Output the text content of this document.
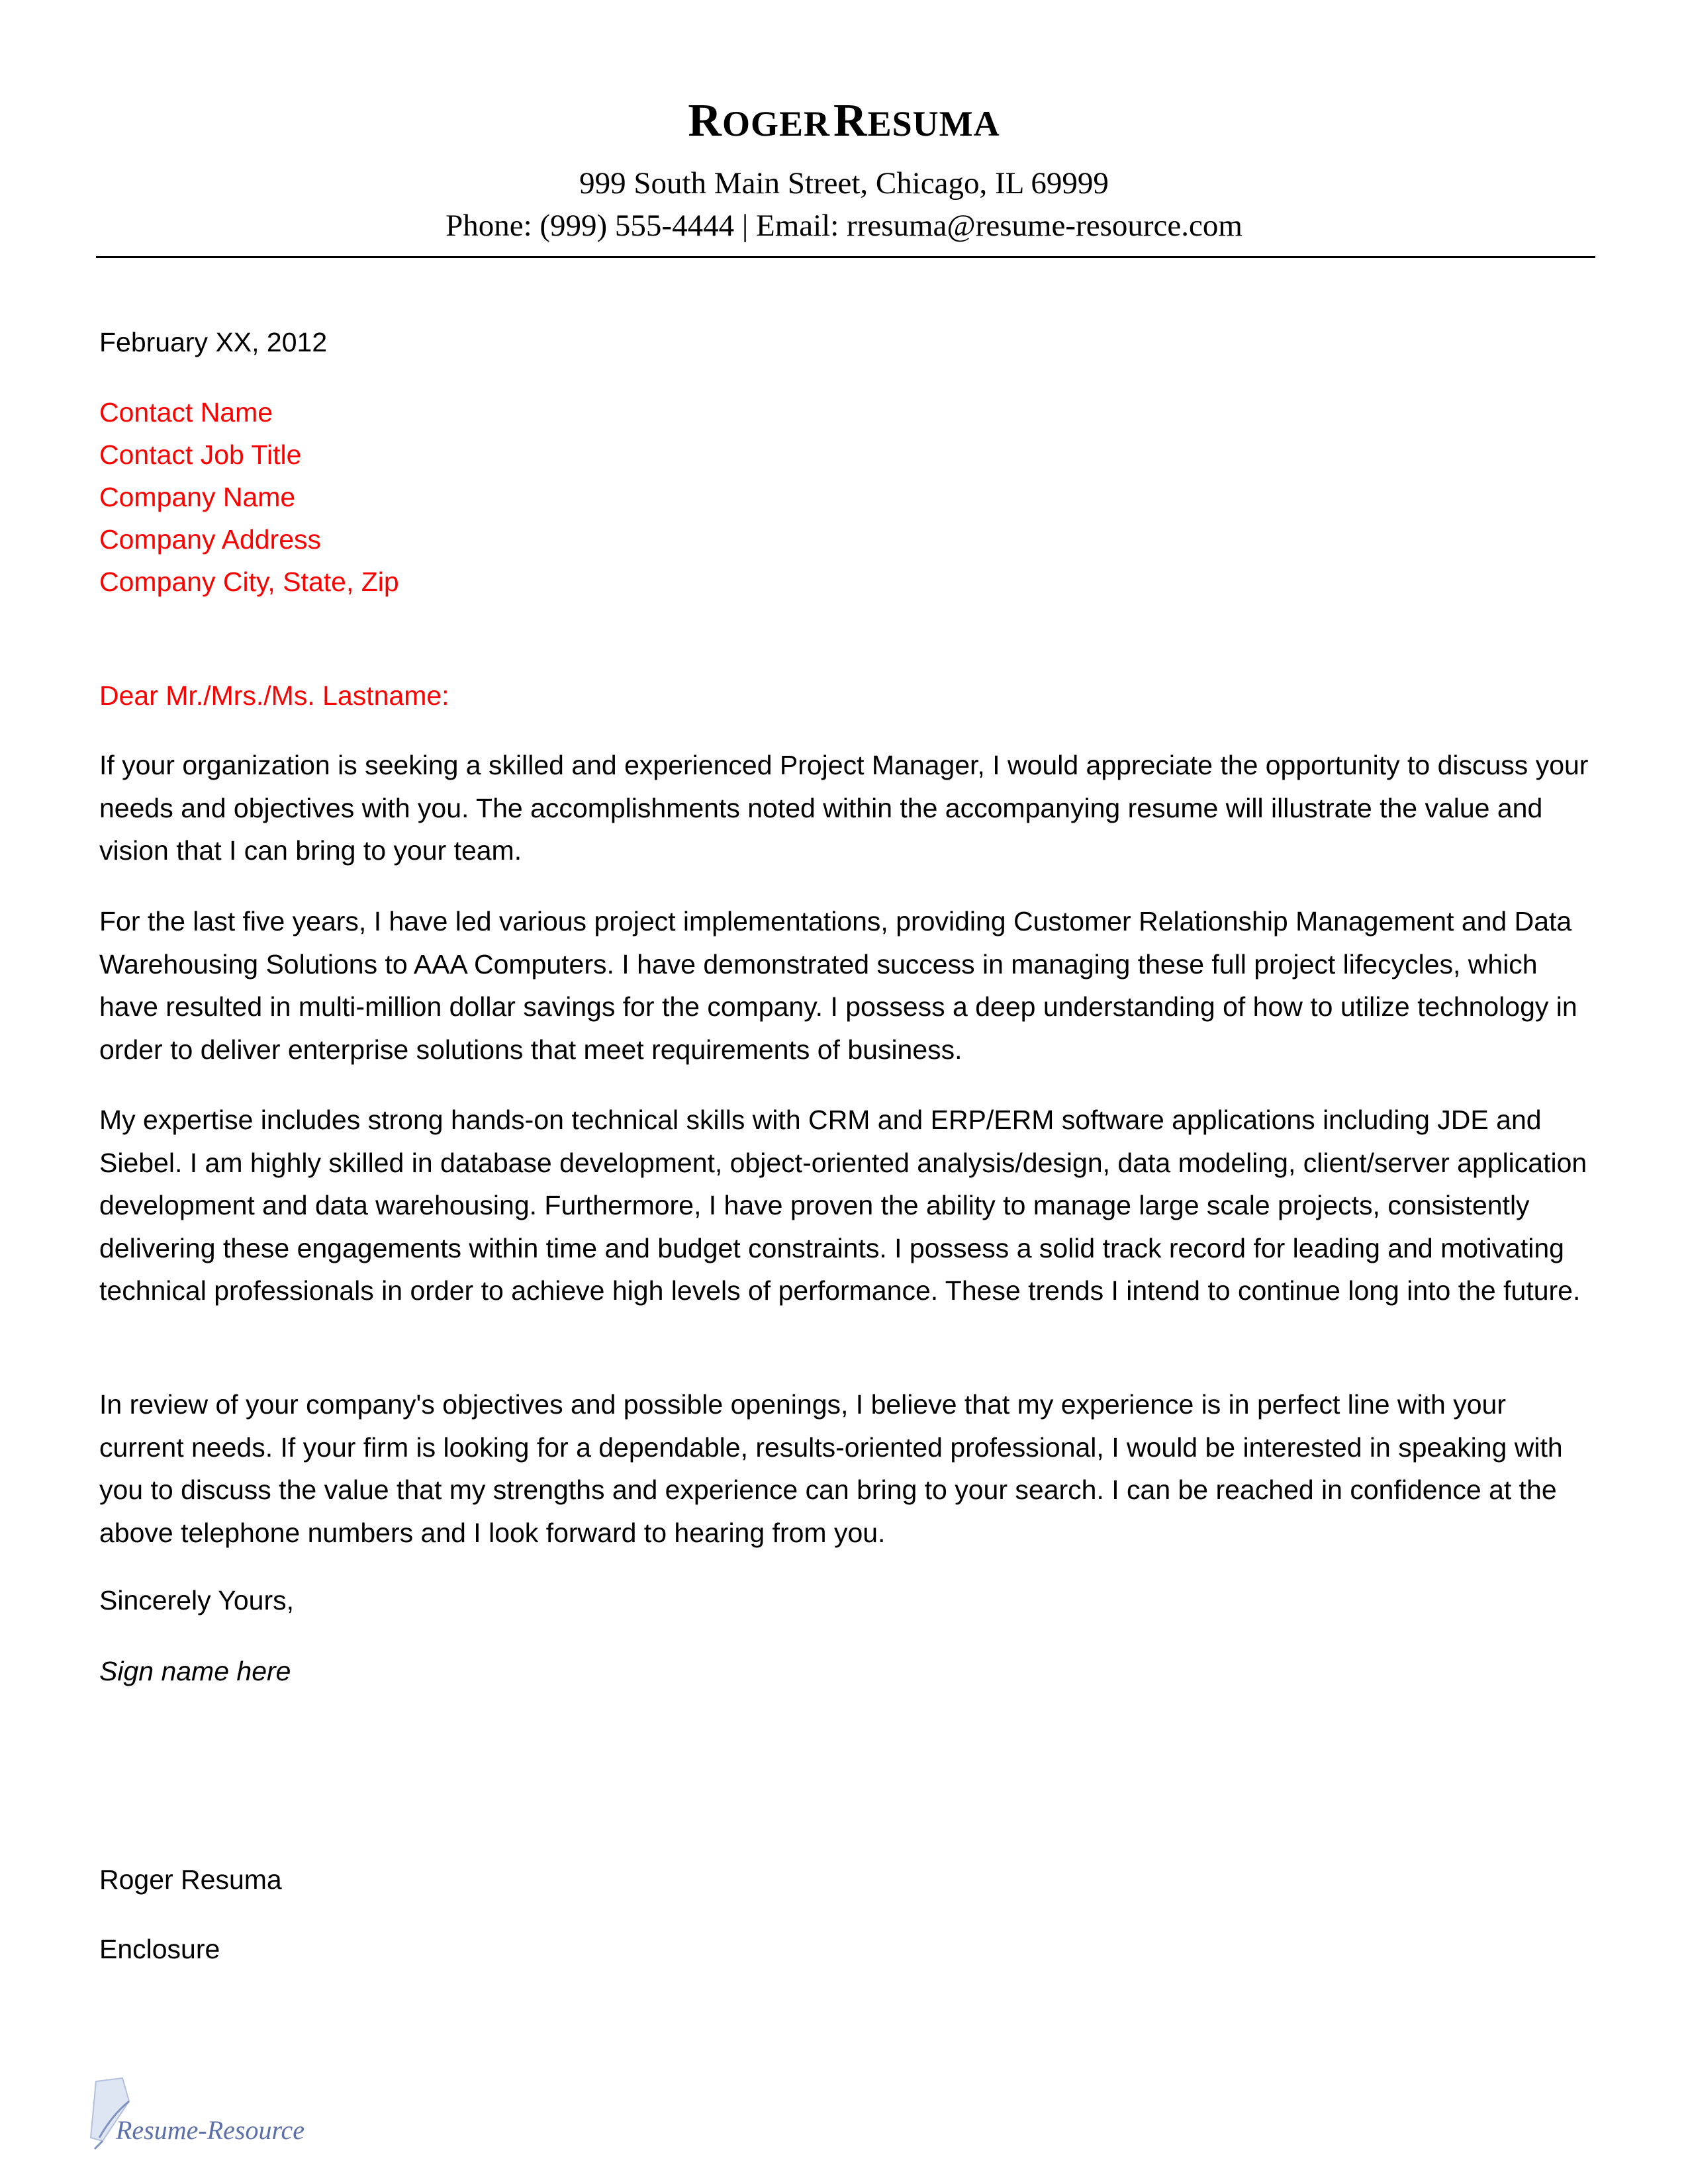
ROGER RESUMA
999 South Main Street, Chicago, IL 69999
Phone: (999) 555-4444 | Email: rresuma@resume-resource.com
February XX, 2012
Contact Name
Contact Job Title
Company Name
Company Address
Company City, State, Zip
Dear Mr./Mrs./Ms. Lastname:
If your organization is seeking a skilled and experienced Project Manager, I would appreciate the opportunity to discuss your needs and objectives with you. The accomplishments noted within the accompanying resume will illustrate the value and vision that I can bring to your team.
For the last five years, I have led various project implementations, providing Customer Relationship Management and Data Warehousing Solutions to AAA Computers. I have demonstrated success in managing these full project lifecycles, which have resulted in multi-million dollar savings for the company. I possess a deep understanding of how to utilize technology in order to deliver enterprise solutions that meet requirements of business.
My expertise includes strong hands-on technical skills with CRM and ERP/ERM software applications including JDE and Siebel. I am highly skilled in database development, object-oriented analysis/design, data modeling, client/server application development and data warehousing. Furthermore, I have proven the ability to manage large scale projects, consistently delivering these engagements within time and budget constraints. I possess a solid track record for leading and motivating technical professionals in order to achieve high levels of performance. These trends I intend to continue long into the future.
In review of your company's objectives and possible openings, I believe that my experience is in perfect line with your current needs. If your firm is looking for a dependable, results-oriented professional, I would be interested in speaking with you to discuss the value that my strengths and experience can bring to your search. I can be reached in confidence at the above telephone numbers and I look forward to hearing from you.
Sincerely Yours,
Sign name here
Roger Resuma
Enclosure
Resume-Resource
